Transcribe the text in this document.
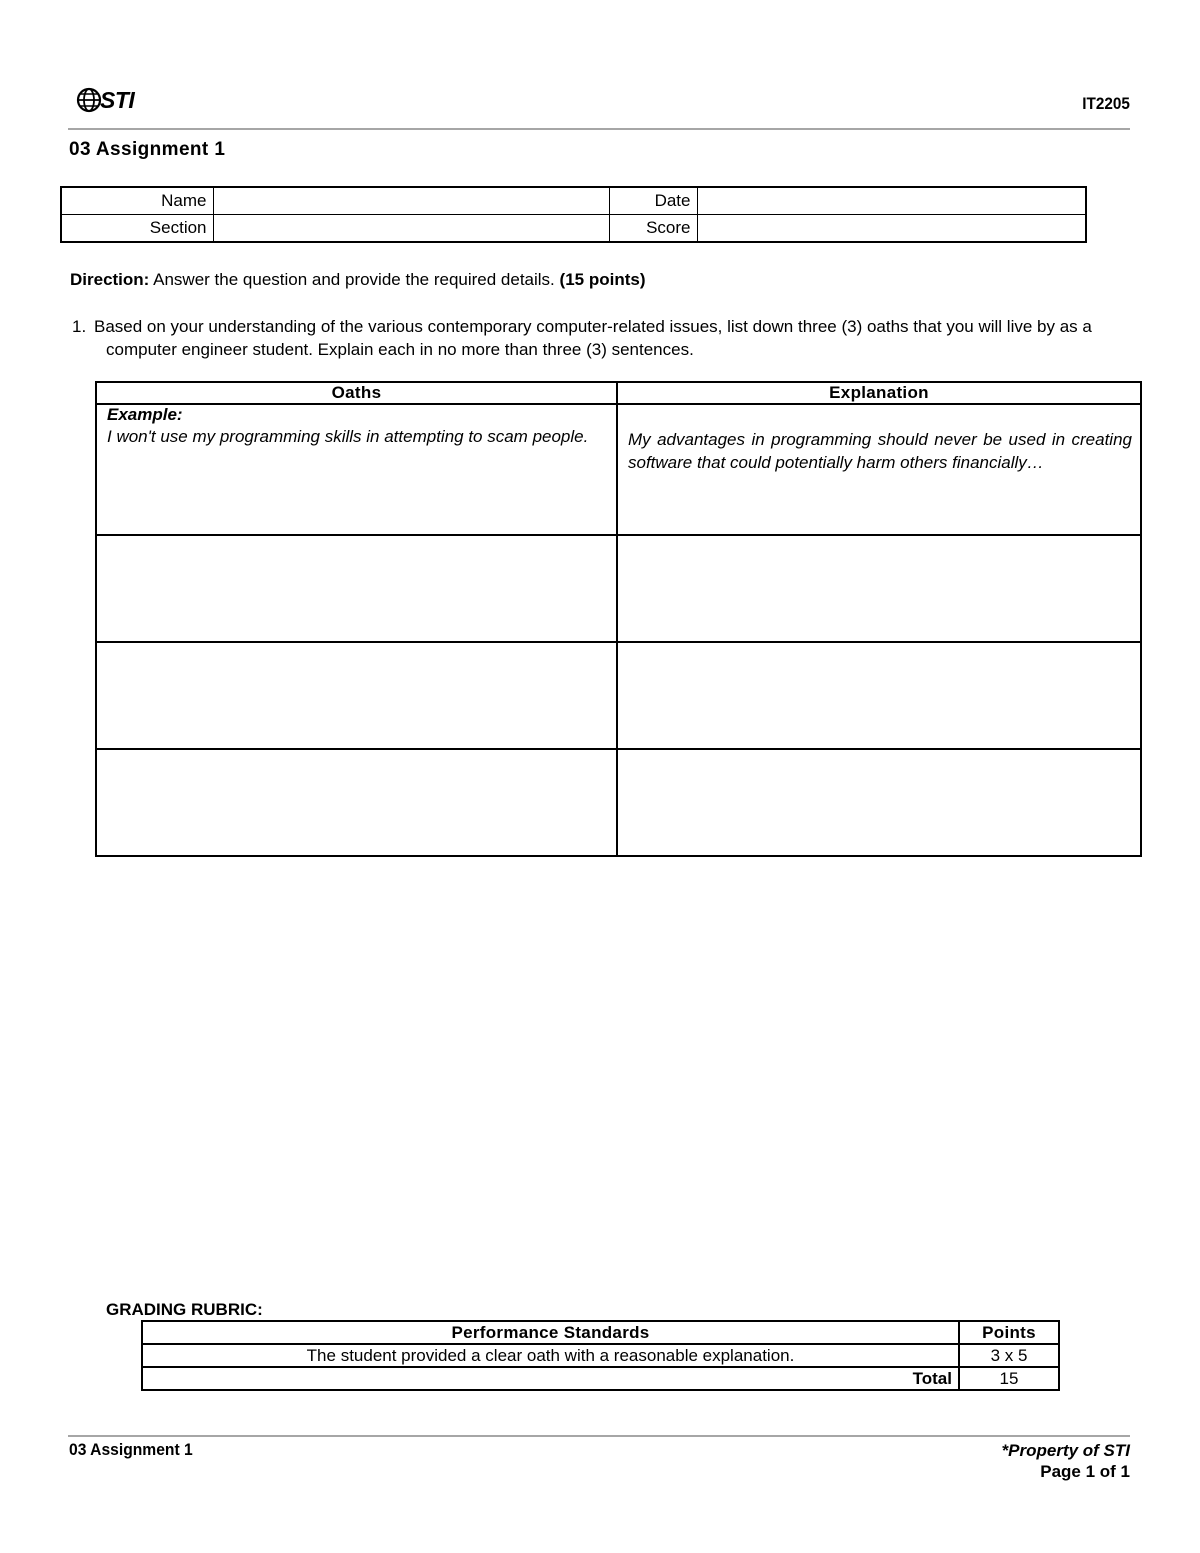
STI	IT2205
03 Assignment 1
Name		Date	
Section		Score	
Direction: Answer the question and provide the required details. (15 points)
1. Based on your understanding of the various contemporary computer-related issues, list down three (3) oaths that you will live by as a computer engineer student. Explain each in no more than three (3) sentences.
Oaths	Explanation

Example:
I won't use my programming skills in attempting to scam people.	My advantages in programming should never be used in creating software that could potentially harm others financially…

GRADING RUBRIC:
Performance Standards	Points
The student provided a clear oath with a reasonable explanation.	3 x 5
Total	15
03 Assignment 1	*Property of STI
Page 1 of 1
